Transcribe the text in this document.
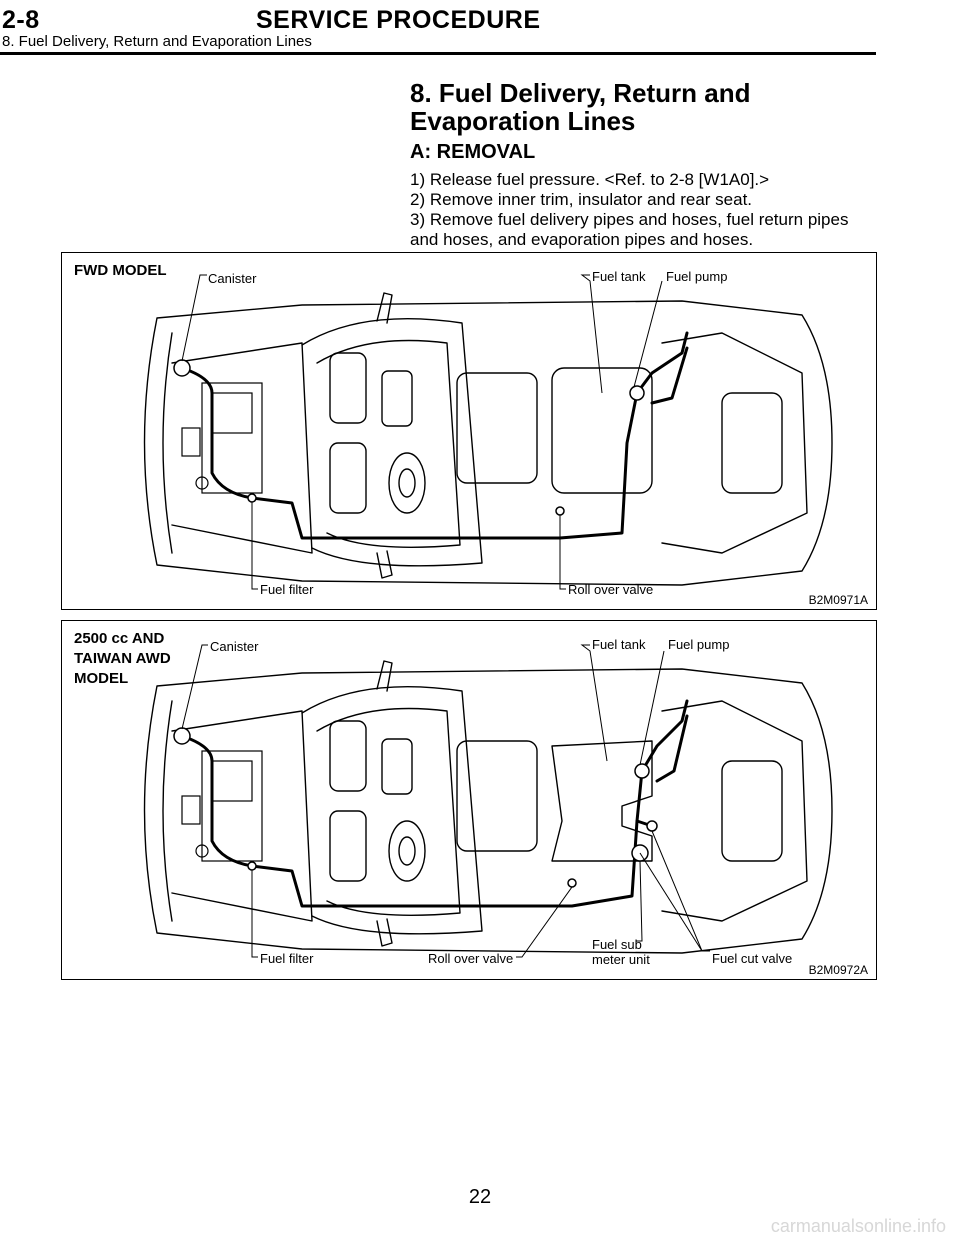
2-8	SERVICE PROCEDURE
8. Fuel Delivery, Return and Evaporation Lines
8. Fuel Delivery, Return and
Evaporation Lines
A: REMOVAL
1) Release fuel pressure. <Ref. to 2-8 [W1A0].>
2) Remove inner trim, insulator and rear seat.
3) Remove fuel delivery pipes and hoses, fuel return pipes
and hoses, and evaporation pipes and hoses.
FWD MODEL	Canister	Fuel tank Fuel pump
Fuel filter	Roll over valve
B2M0971A
2500 cc AND
TAIWAN AWD
MODEL
Canister	Fuel tank Fuel pump
Fuel filter	Roll over valve
Fuel sub
meter unit	Fuel cut valve
B2M0972A
22
carmanualsonline.info
